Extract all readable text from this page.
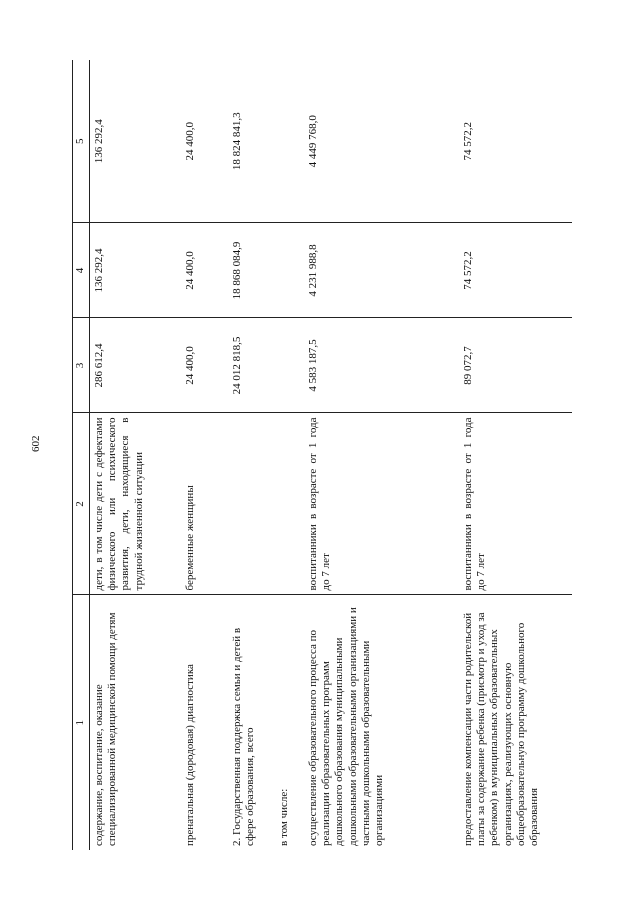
602
1	2	3	4	5
содержание, воспитание, оказание специализированной медицинской помощи детям	дети, в том числе дети с дефектами физического или психического развития, дети, находящиеся в трудной жизненной ситуации	286 612,4	136 292,4	136 292,4
пренатальная (дородовая) диагностика	беременные женщины	24 400,0	24 400,0	24 400,0
2. Государственная поддержка семьи и детей в сфере образования, всего		24 012 818,5	18 868 084,9	18 824 841,3
в том числе:				
осуществление образовательного процесса по реализации образовательных программ дошкольного образования муниципальными дошкольными образовательными организациями и частными дошкольными образовательными организациями	воспитанники в возрасте от 1 года до 7 лет	4 583 187,5	4 231 988,8	4 449 768,0
предоставление компенсации части родительской платы за содержание ребенка (присмотр и уход за ребенком) в муниципальных образовательных организациях, реализующих основную общеобразовательную программу дошкольного образования	воспитанники в возрасте от 1 года до 7 лет	89 072,7	74 572,2	74 572,2
